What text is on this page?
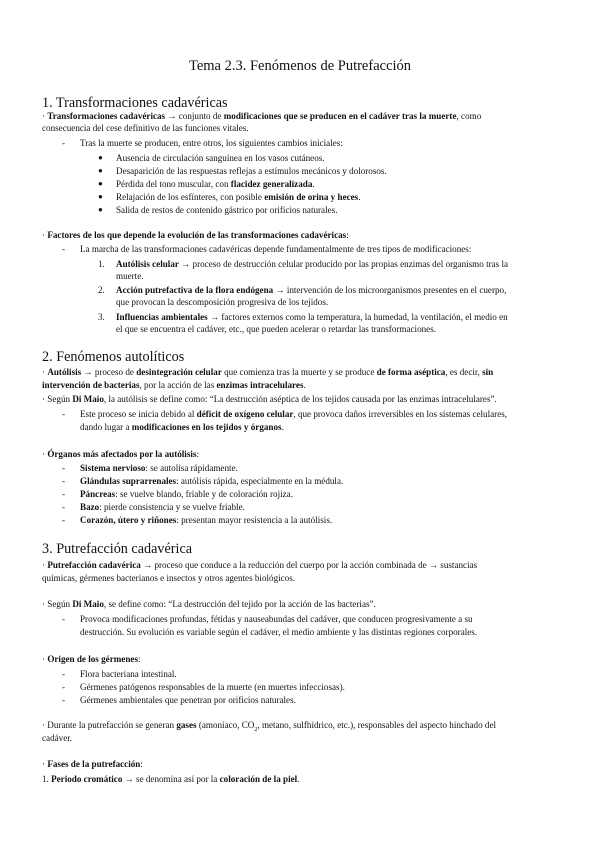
Tema 2.3. Fenómenos de Putrefacción
1. Transformaciones cadavéricas
· Transformaciones cadavéricas → conjunto de modificaciones que se producen en el cadáver tras la muerte, como
consecuencia del cese definitivo de las funciones vitales.
- Tras la muerte se producen, entre otros, los siguientes cambios iniciales:
● Ausencia de circulación sanguínea en los vasos cutáneos.
● Desaparición de las respuestas reflejas a estímulos mecánicos y dolorosos.
● Pérdida del tono muscular, con flacidez generalizada.
● Relajación de los esfínteres, con posible emisión de orina y heces.
● Salida de restos de contenido gástrico por orificios naturales.
· Factores de los que depende la evolución de las transformaciones cadavéricas:
- La marcha de las transformaciones cadavéricas depende fundamentalmente de tres tipos de modificaciones:
1. Autólisis celular → proceso de destrucción celular producido por las propias enzimas del organismo tras la
muerte.
2. Acción putrefactiva de la flora endógena → intervención de los microorganismos presentes en el cuerpo,
que provocan la descomposición progresiva de los tejidos.
3. Influencias ambientales → factores externos como la temperatura, la humedad, la ventilación, el medio en
el que se encuentra el cadáver, etc., que pueden acelerar o retardar las transformaciones.
2. Fenómenos autolíticos
· Autólisis → proceso de desintegración celular que comienza tras la muerte y se produce de forma aséptica, es decir, sin
intervención de bacterias, por la acción de las enzimas intracelulares.
· Según Di Maio, la autólisis se define como: “La destrucción aséptica de los tejidos causada por las enzimas intracelulares”.
- Este proceso se inicia debido al déficit de oxígeno celular, que provoca daños irreversibles en los sistemas celulares,
dando lugar a modificaciones en los tejidos y órganos.
· Órganos más afectados por la autólisis:
- Sistema nervioso: se autolisa rápidamente.
- Glándulas suprarrenales: autólisis rápida, especialmente en la médula.
- Páncreas: se vuelve blando, friable y de coloración rojiza.
- Bazo: pierde consistencia y se vuelve friable.
- Corazón, útero y riñones: presentan mayor resistencia a la autólisis.
3. Putrefacción cadavérica
· Putrefacción cadavérica → proceso que conduce a la reducción del cuerpo por la acción combinada de → sustancias
químicas, gérmenes bacterianos e insectos y otros agentes biológicos.
· Según Di Maio, se define como: “La destrucción del tejido por la acción de las bacterias”.
- Provoca modificaciones profundas, fétidas y nauseabundas del cadáver, que conducen progresivamente a su
destrucción. Su evolución es variable según el cadáver, el medio ambiente y las distintas regiones corporales.
· Origen de los gérmenes:
- Flora bacteriana intestinal.
- Gérmenes patógenos responsables de la muerte (en muertes infecciosas).
- Gérmenes ambientales que penetran por orificios naturales.
· Durante la putrefacción se generan gases (amoníaco, $CO_2$, metano, sulfhídrico, etc.), responsables del aspecto hinchado del
cadáver.
· Fases de la putrefacción:
1. Periodo cromático → se denomina así por la coloración de la piel.
